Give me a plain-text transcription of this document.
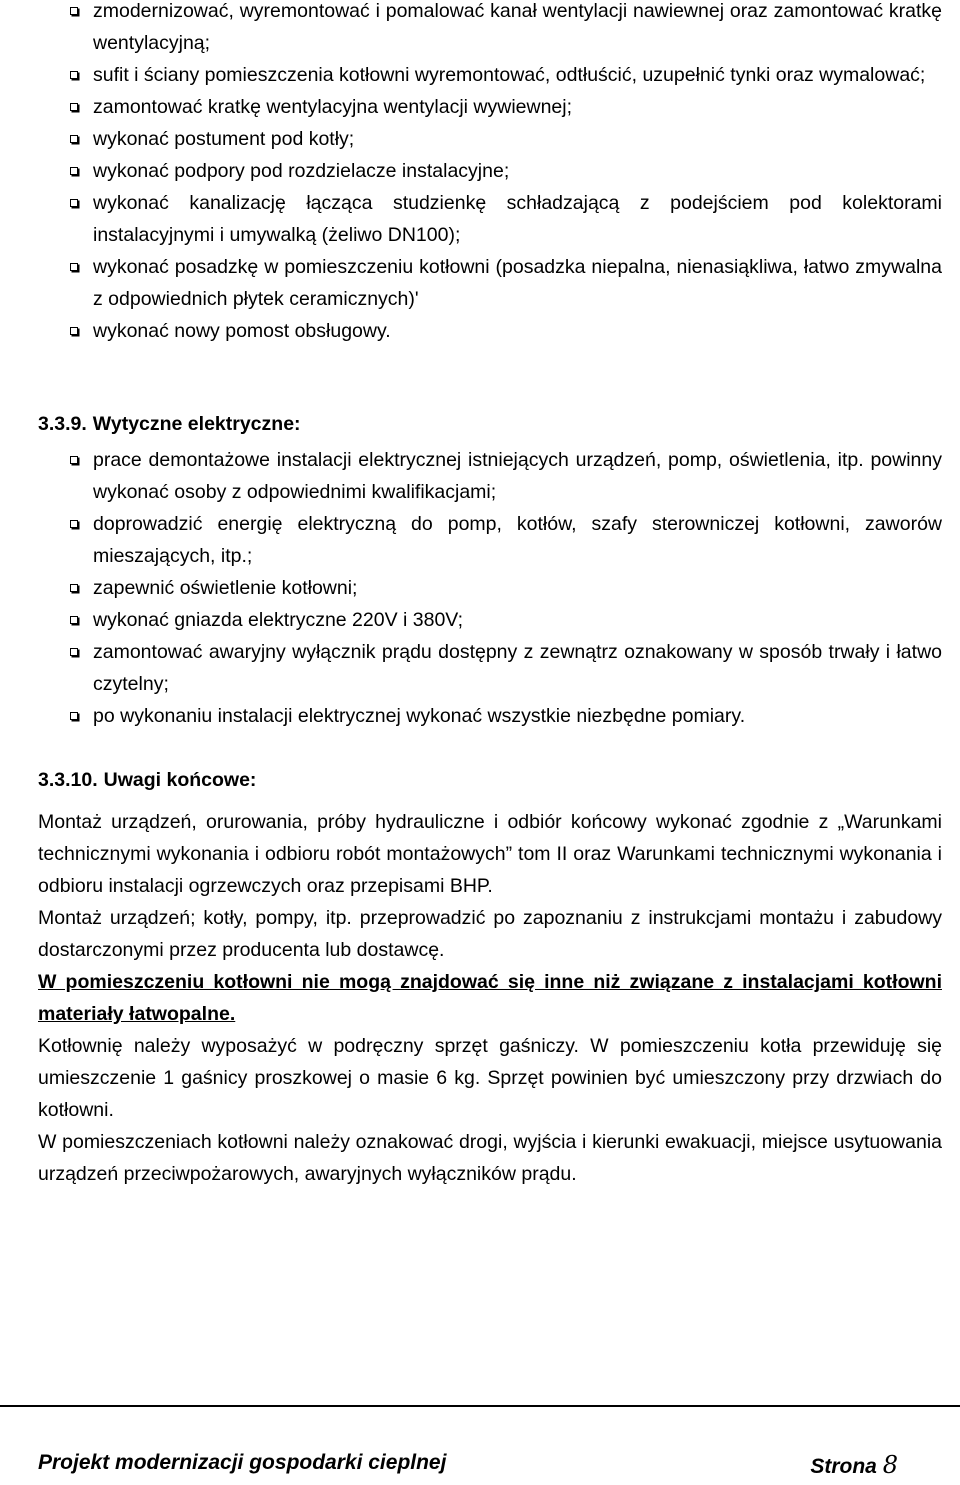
zmodernizować, wyremontować i pomalować kanał wentylacji nawiewnej oraz zamontować kratkę wentylacyjną;
sufit i ściany pomieszczenia kotłowni wyremontować, odtłuścić, uzupełnić tynki oraz wymalować;
zamontować kratkę wentylacyjna wentylacji wywiewnej;
wykonać postument pod kotły;
wykonać podpory pod rozdzielacze instalacyjne;
wykonać kanalizację łącząca studzienkę schładzającą z podejściem pod kolektorami instalacyjnymi i umywalką (żeliwo DN100);
wykonać posadzkę w pomieszczeniu kotłowni (posadzka niepalna, nienasiąkliwa, łatwo zmywalna z odpowiednich płytek ceramicznych)'
wykonać nowy pomost obsługowy.
3.3.9. Wytyczne elektryczne:
prace demontażowe instalacji elektrycznej istniejących urządzeń, pomp, oświetlenia, itp. powinny wykonać osoby z odpowiednimi kwalifikacjami;
doprowadzić energię elektryczną do pomp, kotłów, szafy sterowniczej kotłowni, zaworów mieszających, itp.;
zapewnić oświetlenie kotłowni;
wykonać gniazda elektryczne 220V i 380V;
zamontować awaryjny wyłącznik prądu dostępny z zewnątrz oznakowany w sposób trwały i łatwo czytelny;
po wykonaniu instalacji elektrycznej wykonać wszystkie niezbędne pomiary.
3.3.10. Uwagi końcowe:

Montaż urządzeń, orurowania, próby hydrauliczne i odbiór końcowy wykonać zgodnie z „Warunkami technicznymi wykonania i odbioru robót montażowych” tom II oraz Warunkami technicznymi wykonania i odbioru instalacji ogrzewczych oraz przepisami BHP.

Montaż urządzeń; kotły, pompy, itp. przeprowadzić po zapoznaniu z instrukcjami montażu i zabudowy dostarczonymi przez producenta lub dostawcę.

W pomieszczeniu kotłowni nie mogą znajdować się inne niż związane z instalacjami kotłowni materiały łatwopalne.

Kotłownię należy wyposażyć w podręczny sprzęt gaśniczy. W pomieszczeniu kotła przewiduję się umieszczenie 1 gaśnicy proszkowej o masie 6 kg. Sprzęt powinien być umieszczony przy drzwiach do kotłowni.

W pomieszczeniach kotłowni należy oznakować drogi, wyjścia i kierunki ewakuacji, miejsce usytuowania urządzeń przeciwpożarowych, awaryjnych wyłączników prądu.

Projekt modernizacji gospodarki cieplnej	Strona 8
